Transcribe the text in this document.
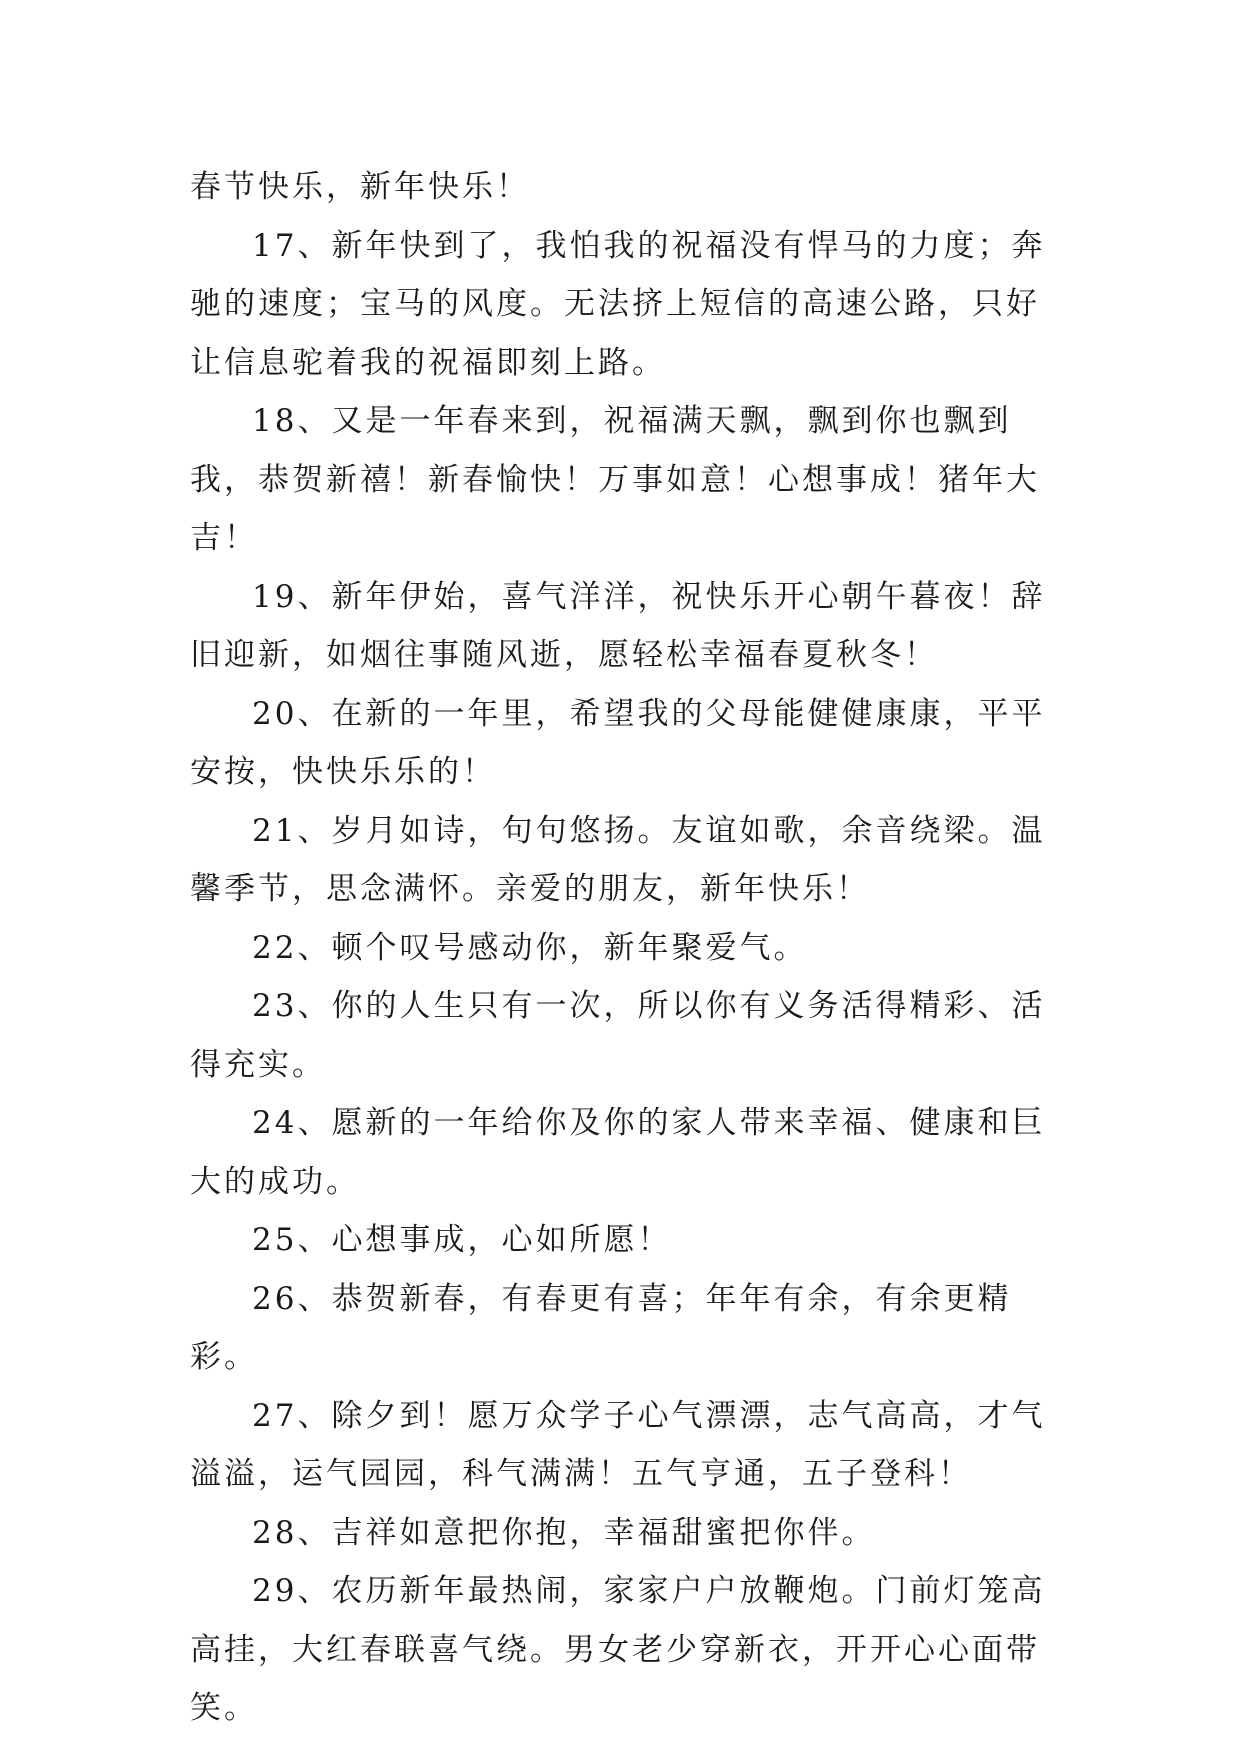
春节快乐，新年快乐！

17、新年快到了，我怕我的祝福没有悍马的力度；奔驰的速度；宝马的风度。无法挤上短信的高速公路，只好让信息驼着我的祝福即刻上路。

18、又是一年春来到，祝福满天飘，飘到你也飘到我，恭贺新禧！新春愉快！万事如意！心想事成！猪年大吉！

19、新年伊始，喜气洋洋，祝快乐开心朝午暮夜！辞旧迎新，如烟往事随风逝，愿轻松幸福春夏秋冬！

20、在新的一年里，希望我的父母能健健康康，平平安按，快快乐乐的！

21、岁月如诗，句句悠扬。友谊如歌，余音绕梁。温馨季节，思念满怀。亲爱的朋友，新年快乐！

22、顿个叹号感动你，新年聚爱气。

23、你的人生只有一次，所以你有义务活得精彩、活得充实。

24、愿新的一年给你及你的家人带来幸福、健康和巨大的成功。

25、心想事成，心如所愿！

26、恭贺新春，有春更有喜；年年有余，有余更精彩。

27、除夕到！愿万众学子心气漂漂，志气高高，才气溢溢，运气园园，科气满满！五气亨通，五子登科！

28、吉祥如意把你抱，幸福甜蜜把你伴。

29、农历新年最热闹，家家户户放鞭炮。门前灯笼高高挂，大红春联喜气绕。男女老少穿新衣，开开心心面带笑。
